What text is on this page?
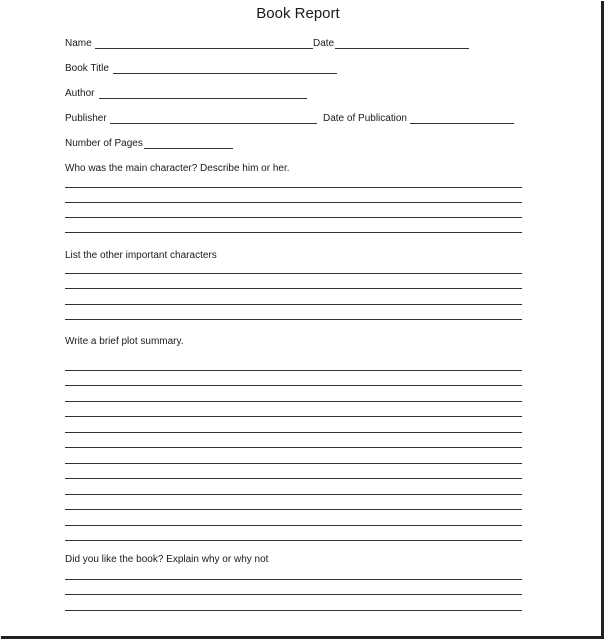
Book Report
Name	Date
Book Title
Author
Publisher	Date of Publication
Number of Pages
Who was the main character? Describe him or her.
List the other important characters
Write a brief plot summary.
Did you like the book? Explain why or why not
